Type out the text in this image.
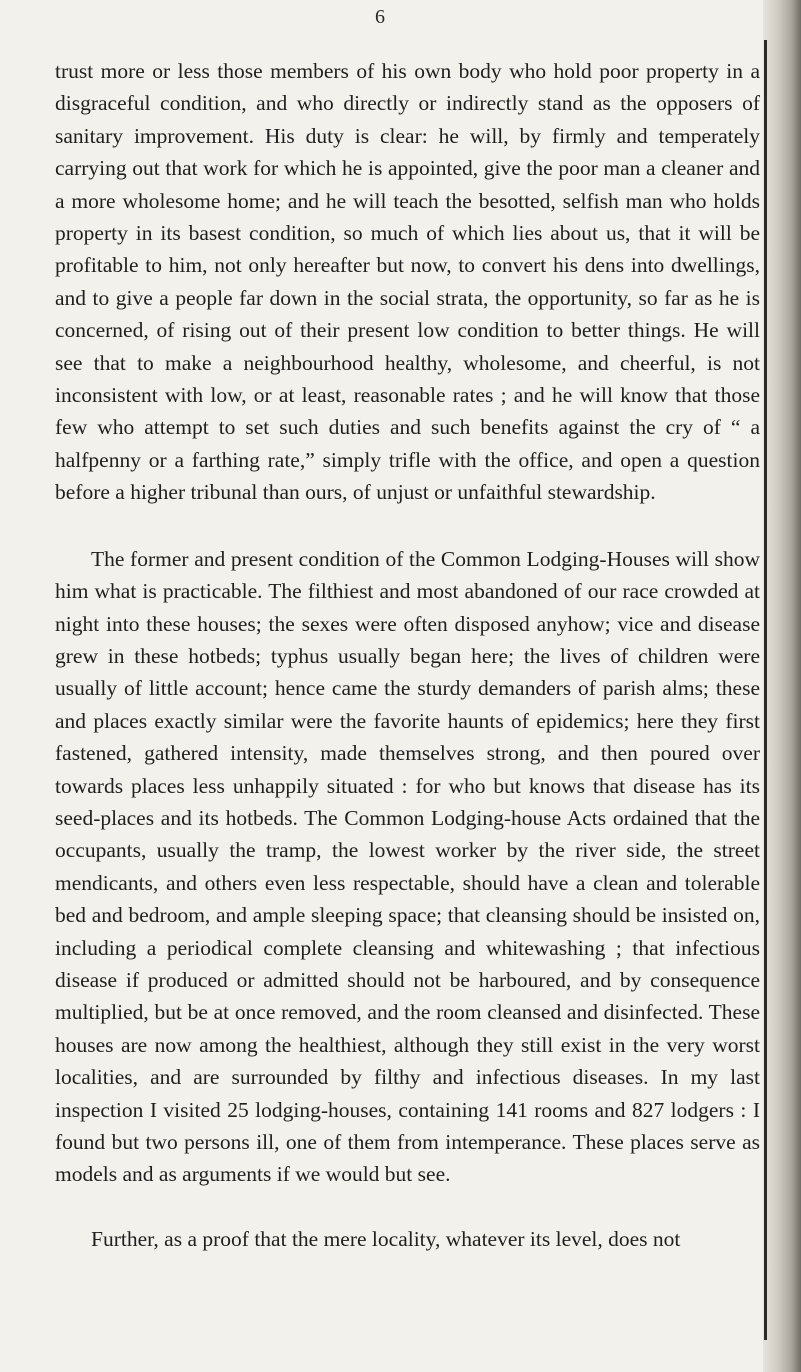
6

trust more or less those members of his own body who hold poor property in a disgraceful condition, and who directly or indirectly stand as the opposers of sanitary improvement. His duty is clear: he will, by firmly and temperately carrying out that work for which he is appointed, give the poor man a cleaner and a more wholesome home; and he will teach the besotted, selfish man who holds property in its basest condition, so much of which lies about us, that it will be profitable to him, not only hereafter but now, to convert his dens into dwellings, and to give a people far down in the social strata, the opportunity, so far as he is concerned, of rising out of their present low condition to better things. He will see that to make a neighbourhood healthy, wholesome, and cheerful, is not inconsistent with low, or at least, reasonable rates ; and he will know that those few who attempt to set such duties and such benefits against the cry of “ a halfpenny or a farthing rate,” simply trifle with the office, and open a question before a higher tribunal than ours, of unjust or unfaithful stewardship.

The former and present condition of the Common Lodging-Houses will show him what is practicable. The filthiest and most abandoned of our race crowded at night into these houses; the sexes were often disposed anyhow; vice and disease grew in these hotbeds; typhus usually began here; the lives of children were usually of little account; hence came the sturdy demanders of parish alms; these and places exactly similar were the favorite haunts of epidemics; here they first fastened, gathered intensity, made themselves strong, and then poured over towards places less unhappily situated : for who but knows that disease has its seed-places and its hotbeds. The Common Lodging-house Acts ordained that the occupants, usually the tramp, the lowest worker by the river side, the street mendicants, and others even less respectable, should have a clean and tolerable bed and bedroom, and ample sleeping space; that cleansing should be insisted on, including a periodical complete cleansing and whitewashing ; that infectious disease if produced or admitted should not be harboured, and by consequence multiplied, but be at once removed, and the room cleansed and disinfected. These houses are now among the healthiest, although they still exist in the very worst localities, and are surrounded by filthy and infectious diseases. In my last inspection I visited 25 lodging-houses, containing 141 rooms and 827 lodgers : I found but two persons ill, one of them from intemperance. These places serve as models and as arguments if we would but see.

Further, as a proof that the mere locality, whatever its level, does not
